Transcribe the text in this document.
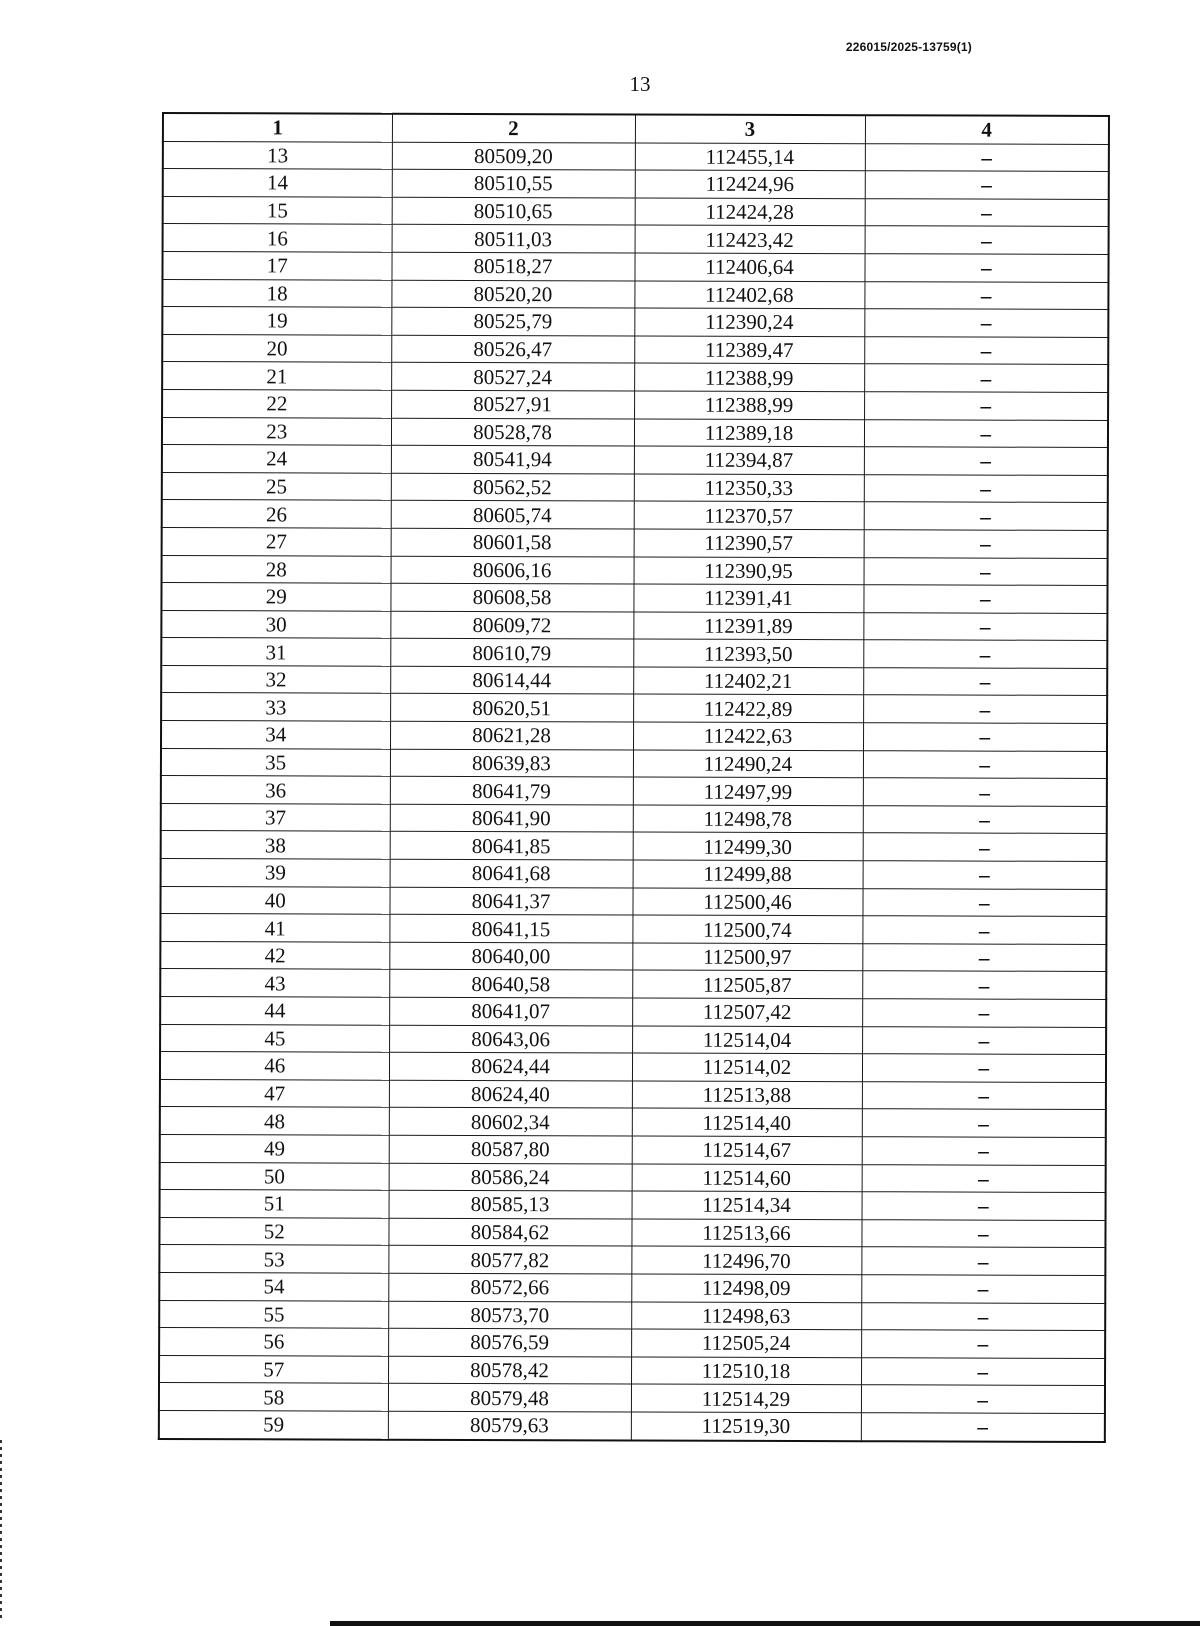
226015/2025-13759(1)
13
1	2	3	4
13	80509,20	112455,14	–
14	80510,55	112424,96	–
15	80510,65	112424,28	–
16	80511,03	112423,42	–
17	80518,27	112406,64	–
18	80520,20	112402,68	–
19	80525,79	112390,24	–
20	80526,47	112389,47	–
21	80527,24	112388,99	–
22	80527,91	112388,99	–
23	80528,78	112389,18	–
24	80541,94	112394,87	–
25	80562,52	112350,33	–
26	80605,74	112370,57	–
27	80601,58	112390,57	–
28	80606,16	112390,95	–
29	80608,58	112391,41	–
30	80609,72	112391,89	–
31	80610,79	112393,50	–
32	80614,44	112402,21	–
33	80620,51	112422,89	–
34	80621,28	112422,63	–
35	80639,83	112490,24	–
36	80641,79	112497,99	–
37	80641,90	112498,78	–
38	80641,85	112499,30	–
39	80641,68	112499,88	–
40	80641,37	112500,46	–
41	80641,15	112500,74	–
42	80640,00	112500,97	–
43	80640,58	112505,87	–
44	80641,07	112507,42	–
45	80643,06	112514,04	–
46	80624,44	112514,02	–
47	80624,40	112513,88	–
48	80602,34	112514,40	–
49	80587,80	112514,67	–
50	80586,24	112514,60	–
51	80585,13	112514,34	–
52	80584,62	112513,66	–
53	80577,82	112496,70	–
54	80572,66	112498,09	–
55	80573,70	112498,63	–
56	80576,59	112505,24	–
57	80578,42	112510,18	–
58	80579,48	112514,29	–
59	80579,63	112519,30	–
